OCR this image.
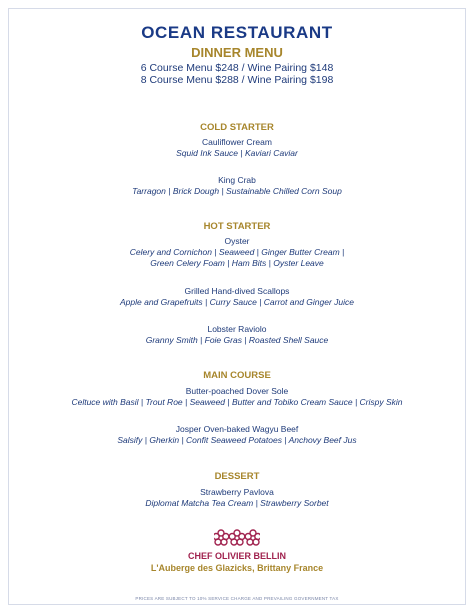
OCEAN RESTAURANT
DINNER MENU
6 Course Menu $248 / Wine Pairing $148
8 Course Menu $288 / Wine Pairing $198
COLD STARTER
Cauliflower Cream
Squid Ink Sauce | Kaviari Caviar
King Crab
Tarragon | Brick Dough | Sustainable Chilled Corn Soup
HOT STARTER
Oyster
Celery and Cornichon | Seaweed | Ginger Butter Cream |
Green Celery Foam | Ham Bits | Oyster Leave
Grilled Hand-dived Scallops
Apple and Grapefruits | Curry Sauce | Carrot and Ginger Juice
Lobster Raviolo
Granny Smith | Foie Gras | Roasted Shell Sauce
MAIN COURSE
Butter-poached Dover Sole
Celtuce with Basil | Trout Roe | Seaweed | Butter and Tobiko Cream Sauce | Crispy Skin
Josper Oven-baked Wagyu Beef
Salsify | Gherkin | Confit Seaweed Potatoes | Anchovy Beef Jus
DESSERT
Strawberry Pavlova
Diplomat Matcha Tea Cream | Strawberry Sorbet
CHEF OLIVIER BELLIN
L'Auberge des Glazicks, Brittany France
PRICES ARE SUBJECT TO 10% SERVICE CHARGE AND PREVAILING GOVERNMENT TAX
